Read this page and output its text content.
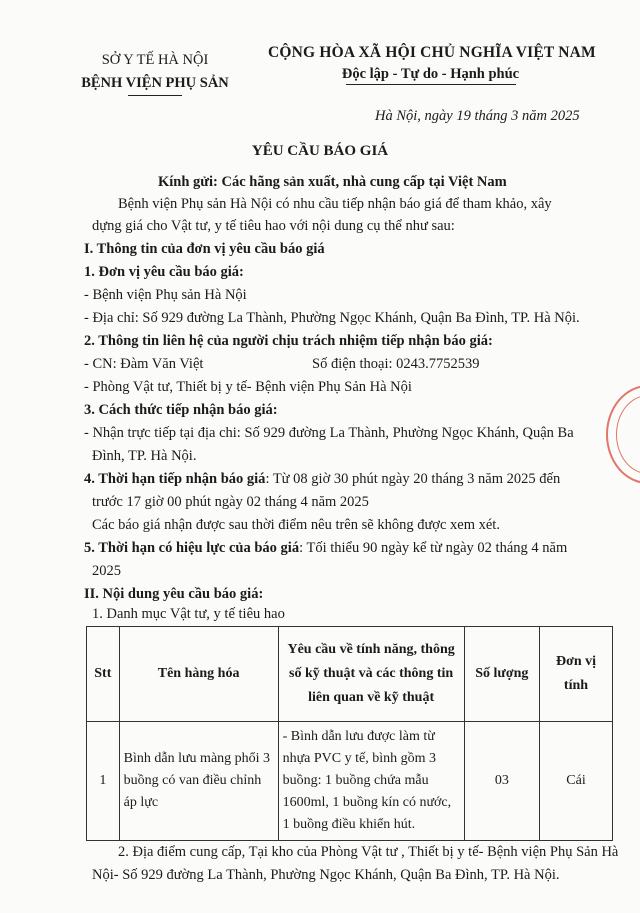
SỞ Y TẾ HÀ NỘI
BỆNH VIỆN PHỤ SẢN
CỘNG HÒA XÃ HỘI CHỦ NGHĨA VIỆT NAM
Độc lập - Tự do - Hạnh phúc
Hà Nội, ngày 19 tháng 3 năm 2025
YÊU CẦU BÁO GIÁ
Kính gửi: Các hãng sản xuất, nhà cung cấp tại Việt Nam
Bệnh viện Phụ sản Hà Nội có nhu cầu tiếp nhận báo giá để tham khảo, xây
dựng giá cho Vật tư, y tế tiêu hao với nội dung cụ thể như sau:
I. Thông tin của đơn vị yêu cầu báo giá
1. Đơn vị yêu cầu báo giá:
- Bệnh viện Phụ sản Hà Nội
- Địa chỉ: Số 929 đường La Thành, Phường Ngọc Khánh, Quận Ba Đình, TP. Hà Nội.
2. Thông tin liên hệ của người chịu trách nhiệm tiếp nhận báo giá:
- CN: Đàm Văn Việt	Số điện thoại: 0243.7752539
- Phòng Vật tư, Thiết bị y tế- Bệnh viện Phụ Sản Hà Nội
3. Cách thức tiếp nhận báo giá:
- Nhận trực tiếp tại địa chi: Số 929 đường La Thành, Phường Ngọc Khánh, Quận Ba
Đình, TP. Hà Nội.
4. Thời hạn tiếp nhận báo giá: Từ 08 giờ 30 phút ngày 20 tháng 3 năm 2025 đến
trước 17 giờ 00 phút ngày 02 tháng 4 năm 2025
Các báo giá nhận được sau thời điểm nêu trên sẽ không được xem xét.
5. Thời hạn có hiệu lực của báo giá: Tối thiểu 90 ngày kể từ ngày 02 tháng 4 năm
2025
II. Nội dung yêu cầu báo giá:
1. Danh mục Vật tư, y tế tiêu hao
Stt	Tên hàng hóa	Yêu cầu về tính năng, thông số kỹ thuật và các thông tin liên quan về kỹ thuật	Số lượng	Đơn vị tính
1	Bình dẫn lưu màng phổi 3 buồng có van điều chỉnh áp lực	- Bình dẫn lưu được làm từ nhựa PVC y tế, bình gồm 3 buồng: 1 buồng chứa mẫu 1600ml, 1 buồng kín có nước, 1 buồng điều khiển hút.	03	Cái
2. Địa điểm cung cấp, Tại kho của Phòng Vật tư , Thiết bị y tế- Bệnh viện Phụ Sản Hà
Nội- Số 929 đường La Thành, Phường Ngọc Khánh, Quận Ba Đình, TP. Hà Nội.
